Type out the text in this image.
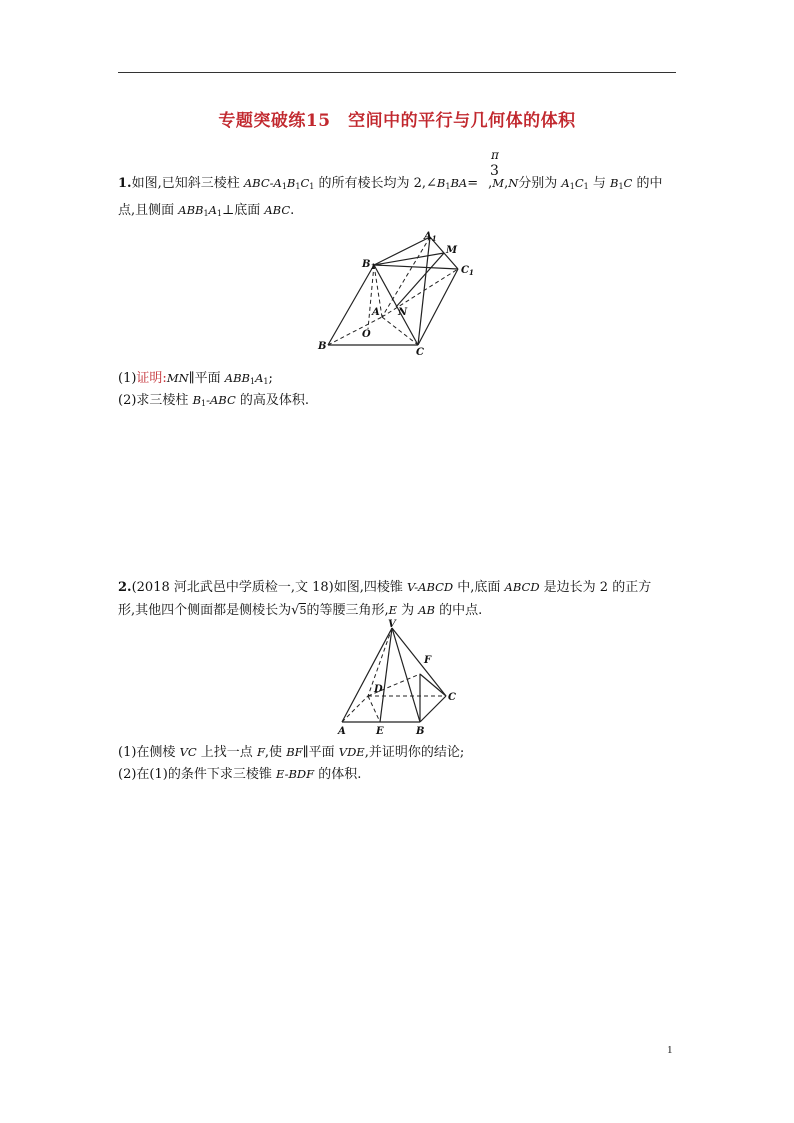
专题突破练15　空间中的平行与几何体的体积
1.如图,已知斜三棱柱 ABC-$A_1B_1C_1$ 的所有棱长均为 $2,\angle B_1BA= ,M,N$分别为 $A_1C_1$ 与 $B_1C$ 的中
π
3
点,且侧面 $ABB_1A_1\perp$底面 ABC.
$A_1$
M
$B_1$	$C_1$
A N
O
B
C
(1)证明:MN∥平面 $ABB_1A_1$;
(2)求三棱柱 $B_1$-ABC 的高及体积.
2.(2018 河北武邑中学质检一,文 18)如图,四棱锥 V-ABCD 中,底面 ABCD 是边长为 2 的正方
形,其他四个侧面都是侧棱长为√5的等腰三角形,E 为 AB 的中点.
V
F
D
C
A	E	B
(1)在侧棱 VC 上找一点 F,使 BF∥平面 VDE,并证明你的结论;
(2)在(1)的条件下求三棱锥 E-BDF 的体积.
1
